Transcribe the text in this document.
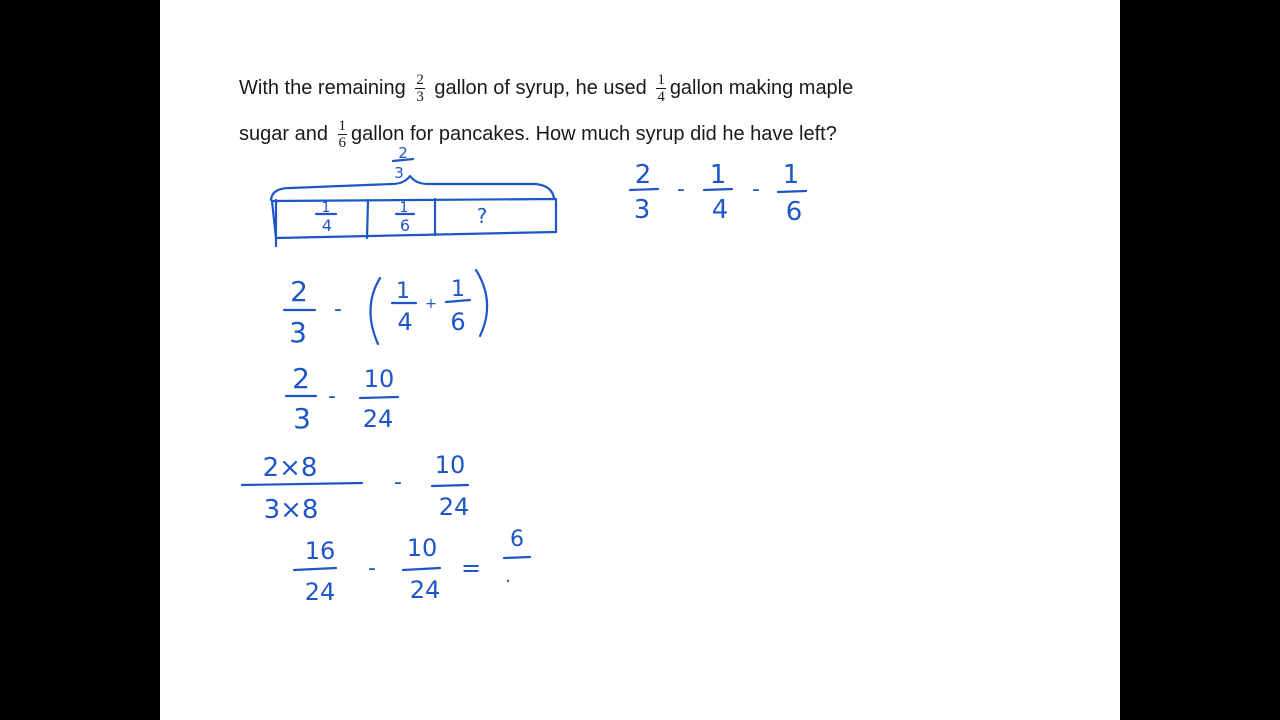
With the remaining $\frac{2}{3}$ gallon of syrup, he used $\frac{1}{4}$ gallon making maple
sugar and $\frac{1}{6}$ gallon for pancakes. How much syrup did he have left?
2
3
1
4
1
6	?
2
3
- 1
4
- 1
6
2
3
-
1
4
+
1
6
2
3
-
10
24
2×8
3×8
-
10
24
16
24
-
10
24
=
6
.
